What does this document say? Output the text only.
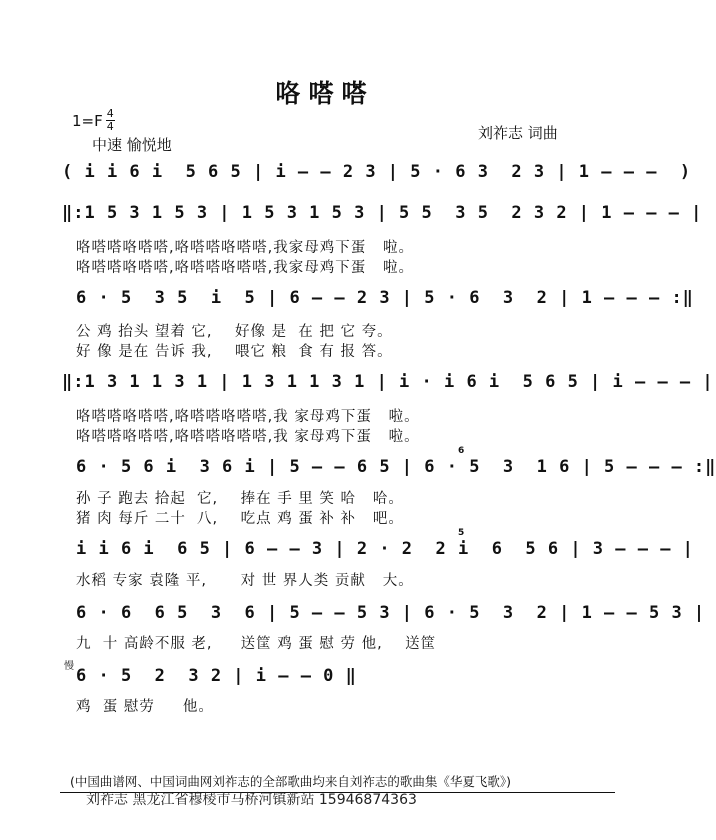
咯嗒嗒
$1=F \frac{4}{4}$	刘祚志 词曲
中速 愉悦地
( i i 6 i  5 6 5 | i — — 2 3 | 5 · 6 3  2 3 | 1 — — —  )
‖:1 5 3 1 5 3 | 1 5 3 1 5 3 | 5 5  3 5  2 3 2 | 1 — — — |
咯嗒嗒咯嗒嗒,咯嗒嗒咯嗒嗒,我家母鸡下蛋   啦。
咯嗒嗒咯嗒嗒,咯嗒嗒咯嗒嗒,我家母鸡下蛋   啦。
6 · 5  3 5  i  5 | 6 — — 2 3 | 5 · 6  3  2 | 1 — — — :‖
公 鸡 抬头 望着 它,    好像 是  在 把 它 夸。
好 像 是在 告诉 我,    喂它 粮  食 有 报 答。
‖:1 3 1 1 3 1 | 1 3 1 1 3 1 | i · i 6 i  5 6 5 | i — — — |
咯嗒嗒咯嗒嗒,咯嗒嗒咯嗒嗒,我 家母鸡下蛋   啦。
咯嗒嗒咯嗒嗒,咯嗒嗒咯嗒嗒,我 家母鸡下蛋   啦。
6 · 5 6 i  3 6 i | 5 — — 6 5 | 6 · 5  3  1 6 | 5 — — — :‖
6
孙 子 跑去 拾起  它,    捧在 手 里 笑 哈   哈。
猪 肉 每斤 二十  八,    吃点 鸡 蛋 补 补   吧。
i i 6 i  6 5 | 6 — — 3 | 2 · 2  2 i  6  5 6 | 3 — — — |
5
水稻 专家 袁隆 平,      对 世 界人类 贡献   大。
6 · 6  6 5  3  6 | 5 — — 5 3 | 6 · 5  3  2 | 1 — — 5 3 |
九  十 高龄不服 老,     送筐 鸡 蛋 慰 劳 他,    送筐
慢 6 · 5  2  3 2 | i — — 0 ‖
鸡  蛋 慰劳     他。
(中国曲谱网、中国词曲网刘祚志的全部歌曲均来自刘祚志的歌曲集《华夏飞歌》)
刘祚志 黑龙江省穆棱市马桥河镇新站 15946874363
